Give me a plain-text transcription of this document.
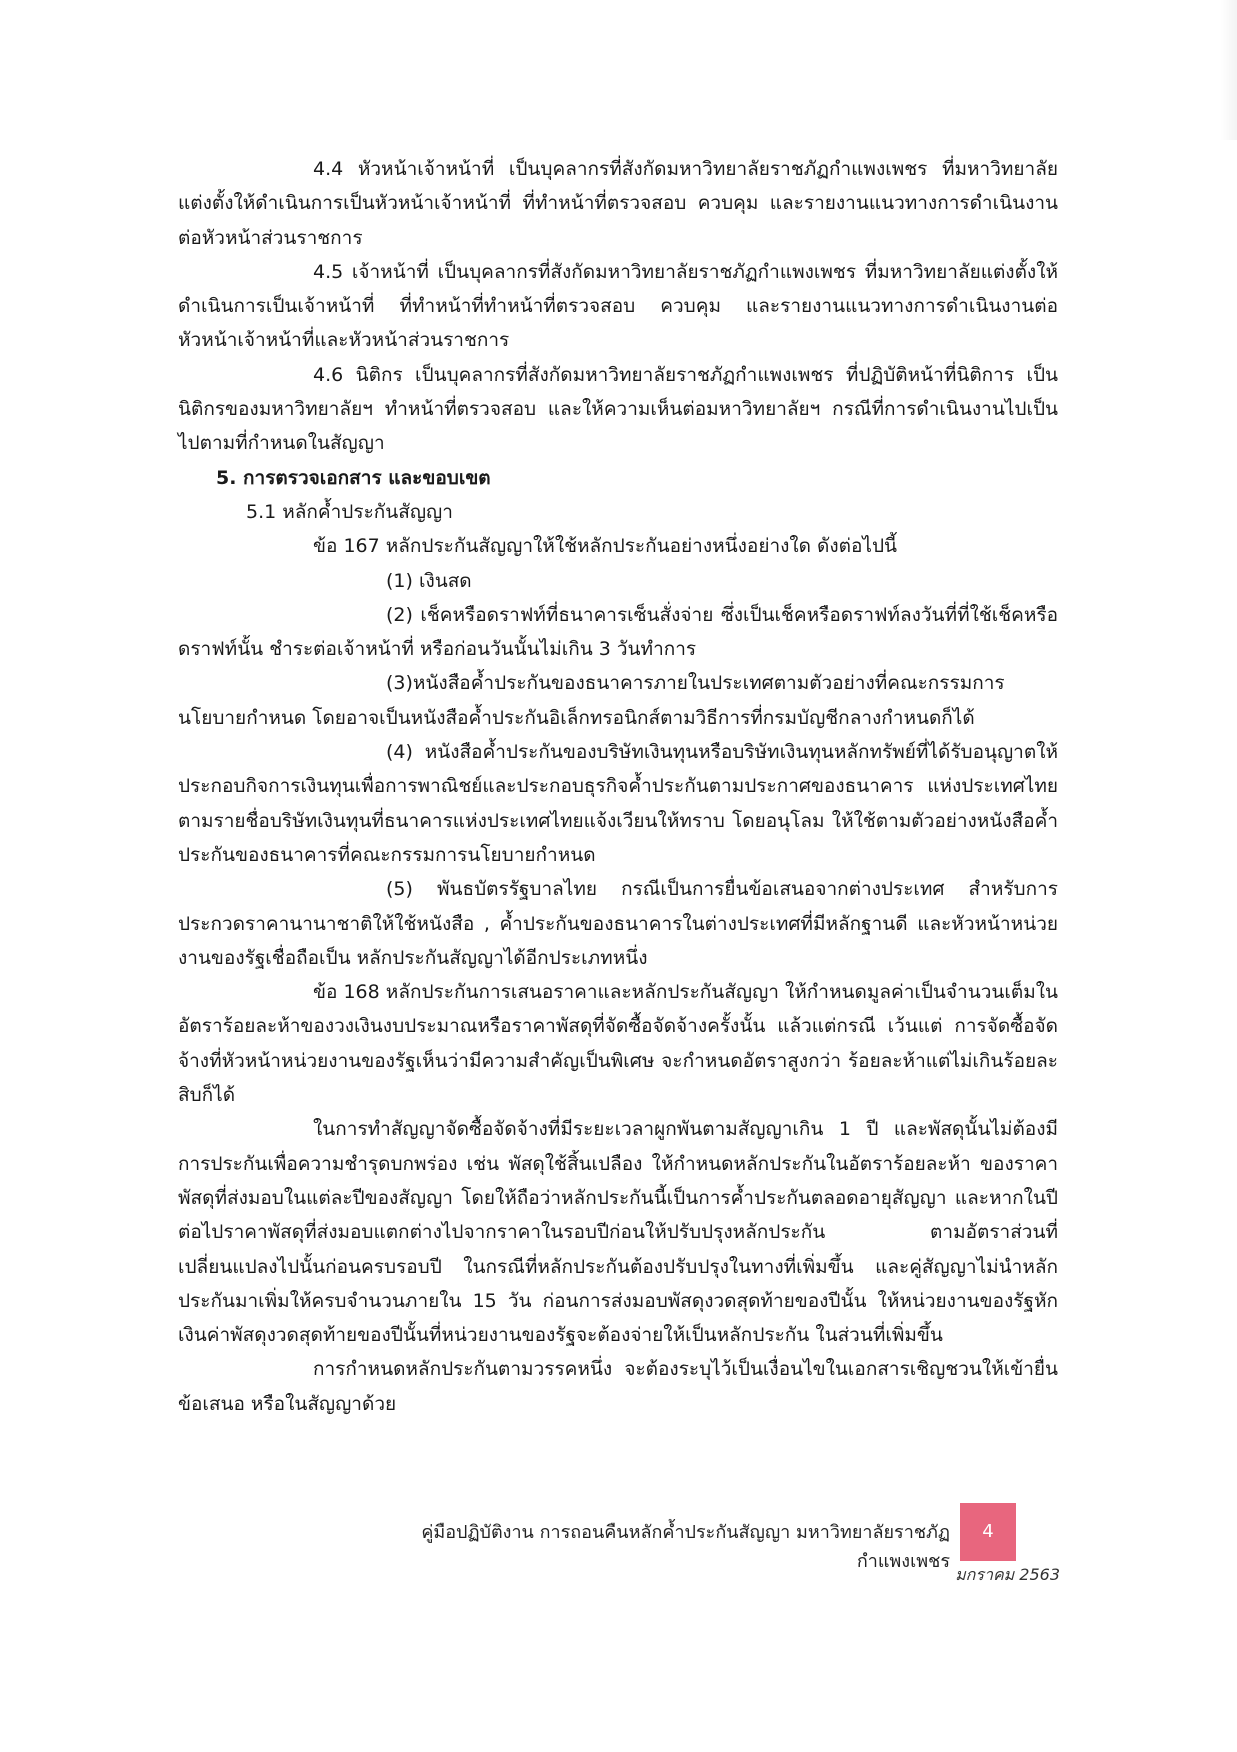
4.4 หัวหน้าเจ้าหน้าที่ เป็นบุคลากรที่สังกัดมหาวิทยาลัยราชภัฏกำแพงเพชร ที่มหาวิทยาลัยแต่งตั้งให้ดำเนินการเป็นหัวหน้าเจ้าหน้าที่ ที่ทำหน้าที่ตรวจสอบ ควบคุม และรายงานแนวทางการดำเนินงานต่อหัวหน้าส่วนราชการ

4.5 เจ้าหน้าที่ เป็นบุคลากรที่สังกัดมหาวิทยาลัยราชภัฏกำแพงเพชร ที่มหาวิทยาลัยแต่งตั้งให้ดำเนินการเป็นเจ้าหน้าที่ ที่ทำหน้าที่ทำหน้าที่ตรวจสอบ ควบคุม และรายงานแนวทางการดำเนินงานต่อหัวหน้าเจ้าหน้าที่และหัวหน้าส่วนราชการ

4.6 นิติกร เป็นบุคลากรที่สังกัดมหาวิทยาลัยราชภัฏกำแพงเพชร ที่ปฏิบัติหน้าที่นิติการ เป็นนิติกรของมหาวิทยาลัยฯ ทำหน้าที่ตรวจสอบ และให้ความเห็นต่อมหาวิทยาลัยฯ กรณีที่การดำเนินงานไปเป็นไปตามที่กำหนดในสัญญา

5. การตรวจเอกสาร และขอบเขต

5.1 หลักค้ำประกันสัญญา

ข้อ 167 หลักประกันสัญญาให้ใช้หลักประกันอย่างหนึ่งอย่างใด ดังต่อไปนี้

(1) เงินสด

(2) เช็คหรือดราฟท์ที่ธนาคารเซ็นสั่งจ่าย ซึ่งเป็นเช็คหรือดราฟท์ลงวันที่ที่ใช้เช็คหรือดราฟท์นั้น ชำระต่อเจ้าหน้าที่ หรือก่อนวันนั้นไม่เกิน 3 วันทำการ

(3)หนังสือค้ำประกันของธนาคารภายในประเทศตามตัวอย่างที่คณะกรรมการนโยบายกำหนด โดยอาจเป็นหนังสือค้ำประกันอิเล็กทรอนิกส์ตามวิธีการที่กรมบัญชีกลางกำหนดก็ได้

(4) หนังสือค้ำประกันของบริษัทเงินทุนหรือบริษัทเงินทุนหลักทรัพย์ที่ได้รับอนุญาตให้ประกอบกิจการเงินทุนเพื่อการพาณิชย์และประกอบธุรกิจค้ำประกันตามประกาศของธนาคาร แห่งประเทศไทย ตามรายชื่อบริษัทเงินทุนที่ธนาคารแห่งประเทศไทยแจ้งเวียนให้ทราบ โดยอนุโลม ให้ใช้ตามตัวอย่างหนังสือค้ำประกันของธนาคารที่คณะกรรมการนโยบายกำหนด

(5) พันธบัตรรัฐบาลไทย กรณีเป็นการยื่นข้อเสนอจากต่างประเทศ สำหรับการประกวดราคานานาชาติให้ใช้หนังสือ , ค้ำประกันของธนาคารในต่างประเทศที่มีหลักฐานดี และหัวหน้าหน่วยงานของรัฐเชื่อถือเป็น หลักประกันสัญญาได้อีกประเภทหนึ่ง

ข้อ 168 หลักประกันการเสนอราคาและหลักประกันสัญญา ให้กำหนดมูลค่าเป็นจำนวนเต็มในอัตราร้อยละห้าของวงเงินงบประมาณหรือราคาพัสดุที่จัดซื้อจัดจ้างครั้งนั้น แล้วแต่กรณี เว้นแต่ การจัดซื้อจัดจ้างที่หัวหน้าหน่วยงานของรัฐเห็นว่ามีความสำคัญเป็นพิเศษ จะกำหนดอัตราสูงกว่า ร้อยละห้าแต่ไม่เกินร้อยละสิบก็ได้

ในการทำสัญญาจัดซื้อจัดจ้างที่มีระยะเวลาผูกพันตามสัญญาเกิน 1 ปี และพัสดุนั้นไม่ต้องมีการประกันเพื่อความชำรุดบกพร่อง เช่น พัสดุใช้สิ้นเปลือง ให้กำหนดหลักประกันในอัตราร้อยละห้า ของราคาพัสดุที่ส่งมอบในแต่ละปีของสัญญา โดยให้ถือว่าหลักประกันนี้เป็นการค้ำประกันตลอดอายุสัญญา และหากในปีต่อไปราคาพัสดุที่ส่งมอบแตกต่างไปจากราคาในรอบปีก่อนให้ปรับปรุงหลักประกัน ตามอัตราส่วนที่เปลี่ยนแปลงไปนั้นก่อนครบรอบปี ในกรณีที่หลักประกันต้องปรับปรุงในทางที่เพิ่มขึ้น และคู่สัญญาไม่นำหลักประกันมาเพิ่มให้ครบจำนวนภายใน 15 วัน ก่อนการส่งมอบพัสดุงวดสุดท้ายของปีนั้น ให้หน่วยงานของรัฐหักเงินค่าพัสดุงวดสุดท้ายของปีนั้นที่หน่วยงานของรัฐจะต้องจ่ายให้เป็นหลักประกัน ในส่วนที่เพิ่มขึ้น

การกำหนดหลักประกันตามวรรคหนึ่ง จะต้องระบุไว้เป็นเงื่อนไขในเอกสารเชิญชวนให้เข้ายื่นข้อเสนอ หรือในสัญญาด้วย

คู่มือปฏิบัติงาน การถอนคืนหลักค้ำประกันสัญญา มหาวิทยาลัยราชภัฏกำแพงเพชร
4
มกราคม 2563
